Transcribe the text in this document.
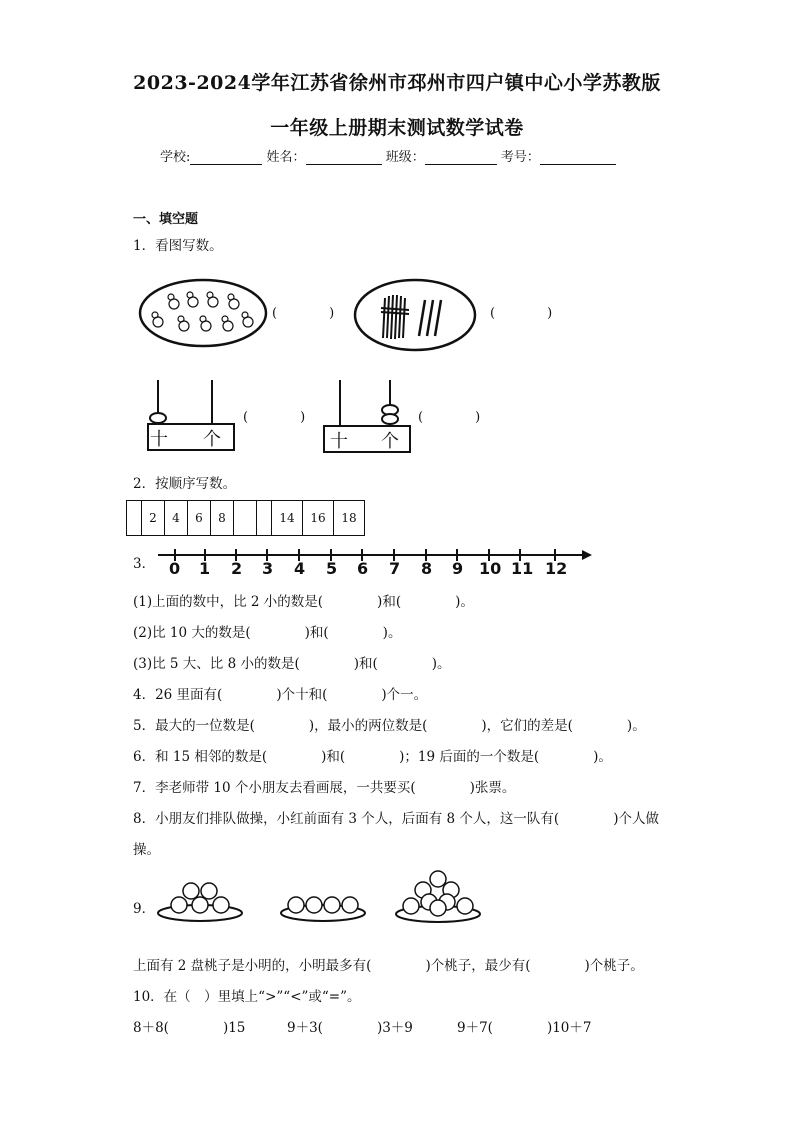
2023-2024学年江苏省徐州市邳州市四户镇中心小学苏教版
一年级上册期末测试数学试卷
学校:	姓名：	班级：	考号：
一、填空题
1．看图写数。
(　　　　)	(　　　　)
十 个
(　　　　)
十 个
(　　　　)
2．按顺序写数。
	2	4	6	8			14	16	18
3． 0 1 2 3 4 5 6 7 8 9 10 11 12
(1)上面的数中，比 2 小的数是(　　　　)和(　　　　)。
(2)比 10 大的数是(　　　　)和(　　　　)。
(3)比 5 大、比 8 小的数是(　　　　)和(　　　　)。
4．26 里面有(　　　　)个十和(　　　　)个一。
5．最大的一位数是(　　　　)，最小的两位数是(　　　　)，它们的差是(　　　　)。
6．和 15 相邻的数是(　　　　)和(　　　　)；19 后面的一个数是(　　　　)。
7．李老师带 10 个小朋友去看画展，一共要买(　　　　)张票。
8．小朋友们排队做操，小红前面有 3 个人，后面有 8 个人，这一队有(　　　　)个人做
操。
9．
上面有 2 盘桃子是小明的，小明最多有(　　　　)个桃子，最少有(　　　　)个桃子。
10．在（　）里填上“>”“<”或“=”。
8＋8(　　　　)15	9＋3(　　　　)3＋9	9＋7(　　　　)10＋7
